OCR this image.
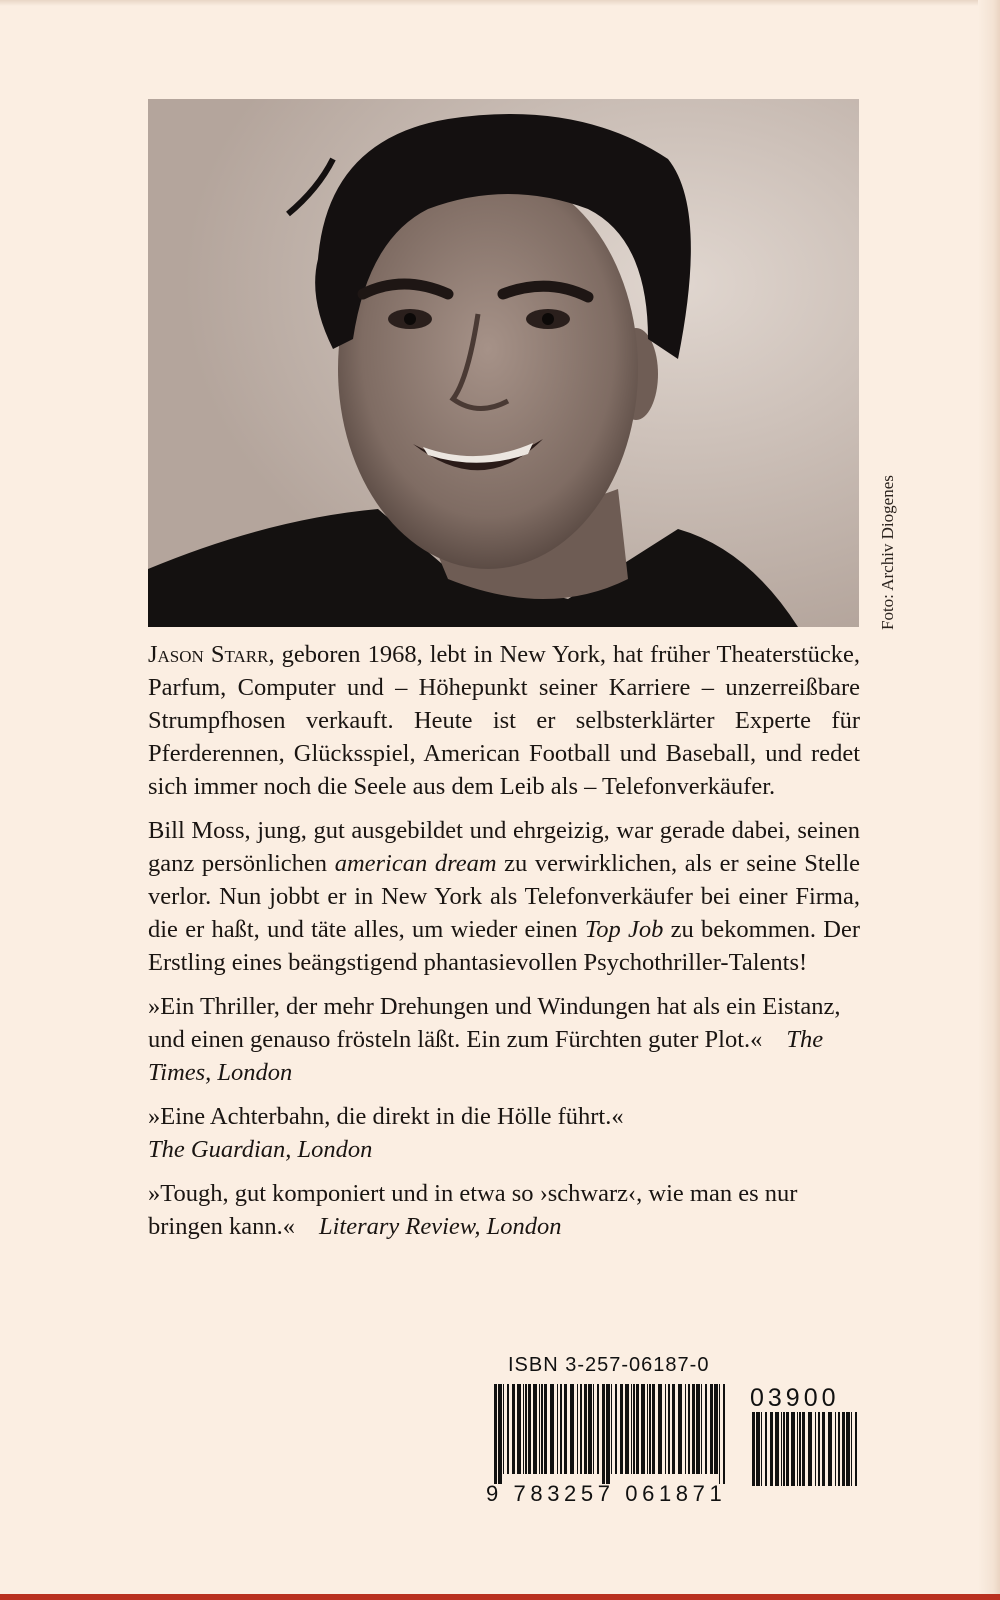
Foto: Archiv Diogenes

Jason Starr, geboren 1968, lebt in New York, hat früher Theaterstücke, Parfum, Computer und – Höhepunkt seiner Karriere – unzerreißbare Strumpfhosen verkauft. Heute ist er selbsterklärter Experte für Pferderennen, Glücksspiel, American Football und Baseball, und redet sich immer noch die Seele aus dem Leib als – Telefonverkäufer.

Bill Moss, jung, gut ausgebildet und ehrgeizig, war gerade dabei, seinen ganz persönlichen american dream zu verwirklichen, als er seine Stelle verlor. Nun jobbt er in New York als Telefonverkäufer bei einer Firma, die er haßt, und täte alles, um wieder einen Top Job zu bekommen. Der Erstling eines beängstigend phantasievollen Psychothriller-Talents!

»Ein Thriller, der mehr Drehungen und Windungen hat als ein Eistanz, und einen genauso frösteln läßt. Ein zum Fürchten guter Plot.« The Times, London

»Eine Achterbahn, die direkt in die Hölle führt.«
The Guardian, London

»Tough, gut komponiert und in etwa so ›schwarz‹, wie man es nur bringen kann.« Literary Review, London

ISBN 3-257-06187-0
9 783257 061871
03900
